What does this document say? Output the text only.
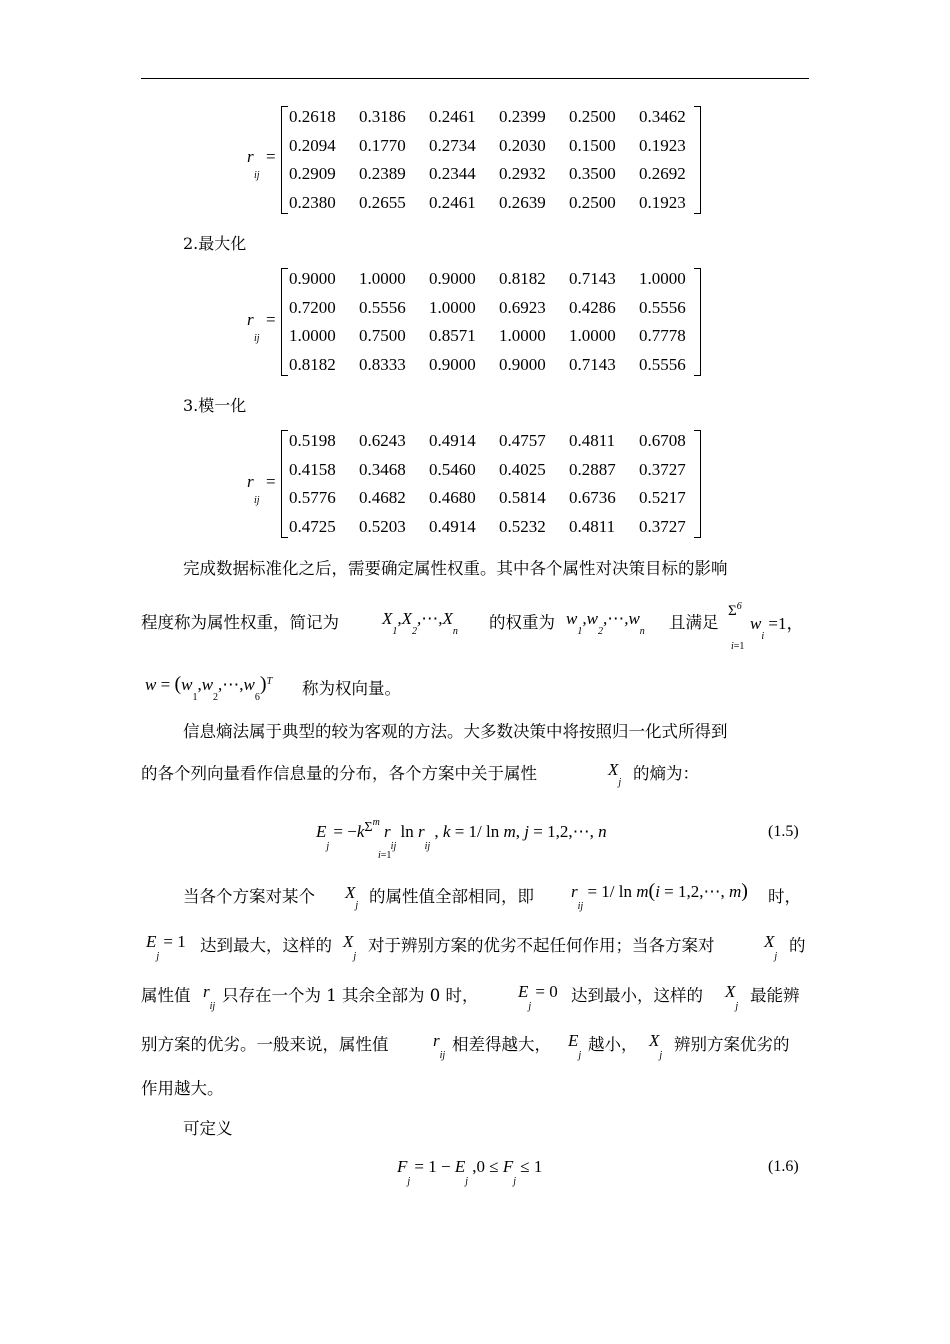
r
ij
=
0.2618	0.3186	0.2461	0.2399	0.2500	0.3462
0.2094	0.1770	0.2734	0.2030	0.1500	0.1923
0.2909	0.2389	0.2344	0.2932	0.3500	0.2692
0.2380	0.2655	0.2461	0.2639	0.2500	0.1923
2.最大化
r
ij
=
0.9000	1.0000	0.9000	0.8182	0.7143	1.0000
0.7200	0.5556	1.0000	0.6923	0.4286	0.5556
1.0000	0.7500	0.8571	1.0000	1.0000	0.7778
0.8182	0.8333	0.9000	0.9000	0.7143	0.5556
3.模一化
r
ij
=
0.5198	0.6243	0.4914	0.4757	0.4811	0.6708
0.4158	0.3468	0.5460	0.4025	0.2887	0.3727
0.5776	0.4682	0.4680	0.5814	0.6736	0.5217
0.4725	0.5203	0.4914	0.5232	0.4811	0.3727
完成数据标准化之后，需要确定属性权重。其中各个属性对决策目标的影响
程度称为属性权重，简记为	$X_1,X_2,\cdots,X_n$ 的权重为 $w_1,w_2,\cdots,w_n$ 且满足
$\Sigma^6$
i=1
$w_i =1$，
$w = (w_1,w_2,\cdots,w_6)^T$ 称为权向量。
信息熵法属于典型的较为客观的方法。大多数决策中将按照归一化式所得到
的各个列向量看作信息量的分布，各个方案中关于属性	$X_j$ 的熵为：
$E_j = -k^{\Sigma m}$ $r_{ij}$ $\ln r_{ij}$ , k = 1/ ln m, j = 1,2,⋯, n
i=1
(1.5)
当各个方案对某个 $X_j$ 的属性值全部相同，即 $r_{ij} = 1/$ ln m(i = 1,2,⋯, m) 时，
$E_j = 1$ 达到最大，这样的 $X_j$
对于辨别方案的优劣不起任何作用；当各方案对	$X_j$
的
属性值 $r_{ij}$
只存在一个为 1 其余全部为 0 时， $E_j = 0$ 达到最小，这样的 $X_j$
最能辨
别方案的优劣。一般来说，属性值	$r_{ij}$
相差得越大， $E_j$
越小， $X_j$
辨别方案优劣的
作用越大。
可定义
$F_j = 1 - E_j$ $,0 \le F_j \le 1$	(1.6)
